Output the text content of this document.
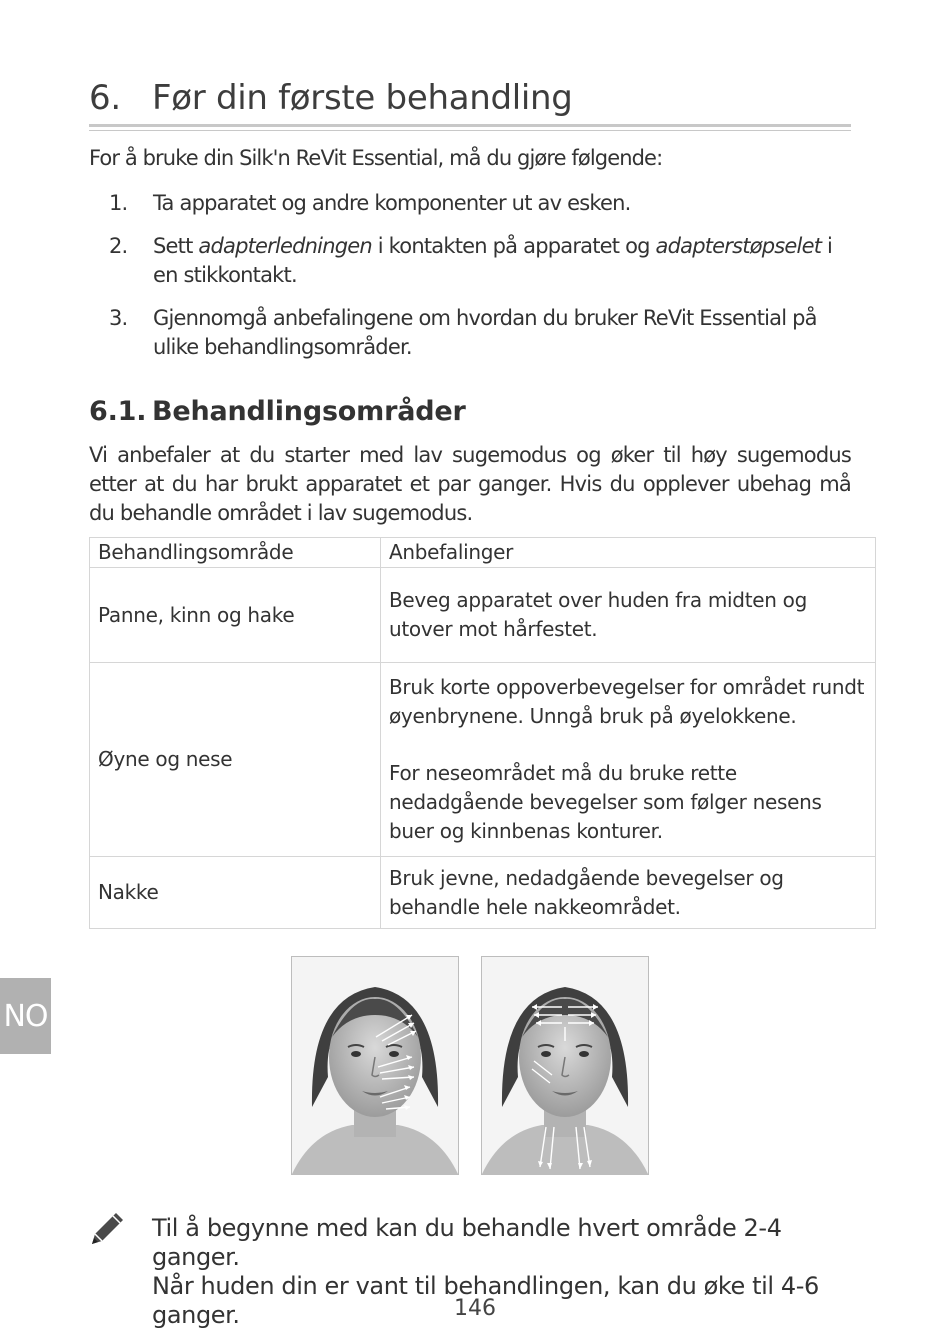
6. Før din første behandling
For å bruke din Silk'n ReVit Essential, må du gjøre følgende:
1. Ta apparatet og andre komponenter ut av esken.
2. Sett adapterledningen i kontakten på apparatet og adapterstøpselet i en stikkontakt.
3. Gjennomgå anbefalingene om hvordan du bruker ReVit Essential på ulike behandlingsområder.
6.1. Behandlingsområder
Vi anbefaler at du starter med lav sugemodus og øker til høy sugemodus etter at du har brukt apparatet et par ganger. Hvis du opplever ubehag må du behandle området i lav sugemodus.
Behandlingsområde	Anbefalinger
Panne, kinn og hake	Beveg apparatet over huden fra midten og utover mot hårfestet.
Øyne og nese	Bruk korte oppoverbevegelser for området rundt øyenbrynene. Unngå bruk på øyelokkene.
For neseområdet må du bruke rette nedadgående bevegelser som følger nesens buer og kinnbenas konturer.

Nakke	Bruk jevne, nedadgående bevegelser og behandle hele nakkeområdet.
NO
Til å begynne med kan du behandle hvert område 2-4 ganger.
Når huden din er vant til behandlingen, kan du øke til 4-6 ganger.	146
